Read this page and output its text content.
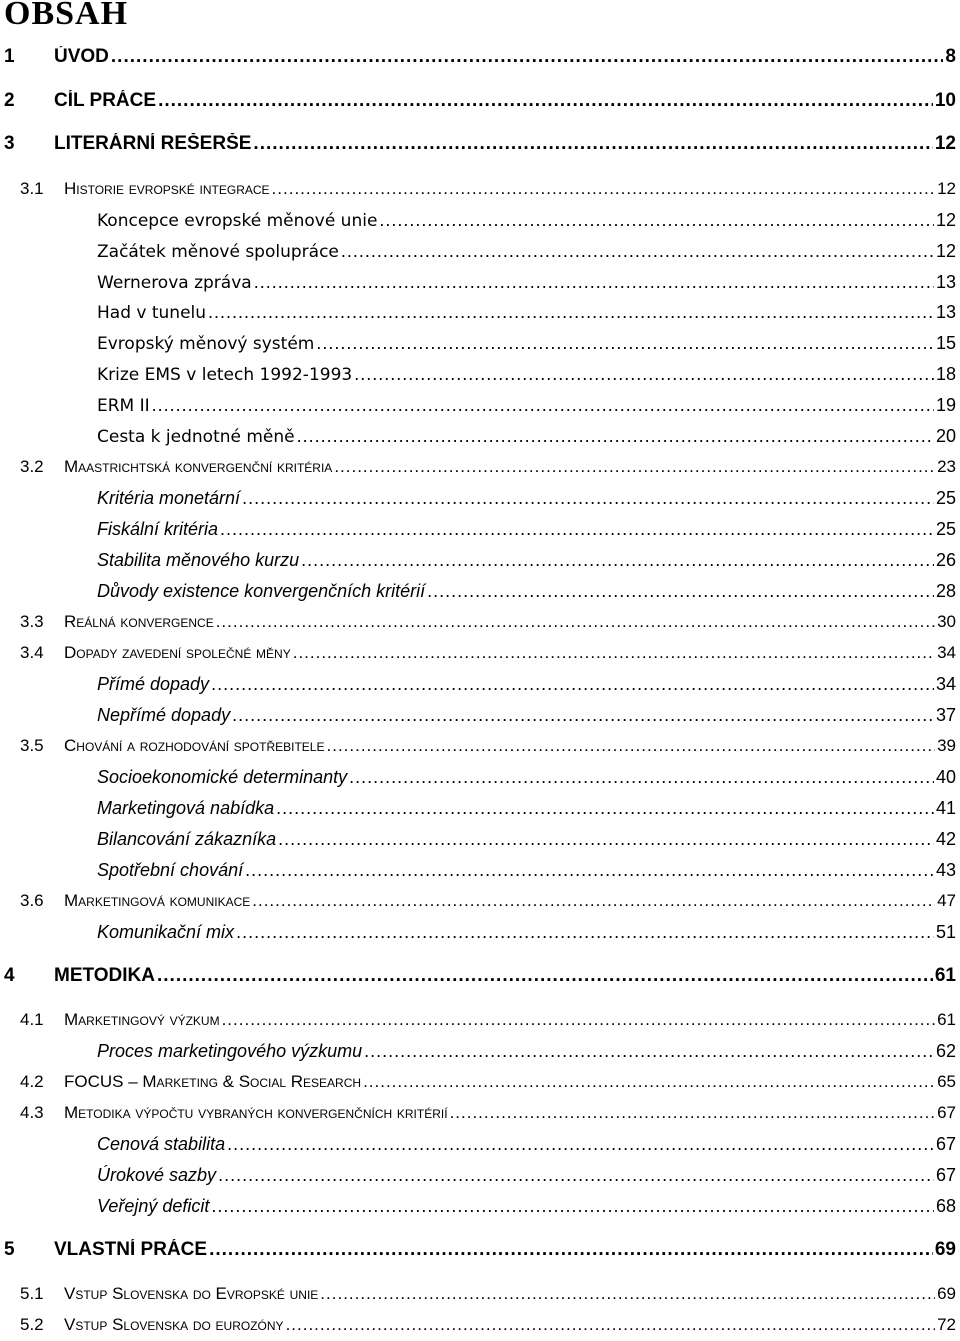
OBSAH
1	ÚVOD .....	8
2	CÍL PRÁCE .....	10
3	LITERÁRNÍ REŠERŠE .....	12
3.1	Historie evropské integrace .....	12
Koncepce evropské měnové unie .....	12
Začátek měnové spolupráce .....	12
Wernerova zpráva .....	13
Had v tunelu .....	13
Evropský měnový systém .....	15
Krize EMS v letech 1992-1993 .....	18
ERM II .....	19
Cesta k jednotné měně .....	20
3.2	Maastrichtská konvergenční kritéria .....	23
Kritéria monetární .....	25
Fiskální kritéria .....	25
Stabilita měnového kurzu .....	26
Důvody existence konvergenčních kritérií .....	28
3.3	Reálná konvergence .....	30
3.4	Dopady zavedení společné měny .....	34
Přímé dopady .....	34
Nepřímé dopady .....	37
3.5	Chování a rozhodování spotřebitele .....	39
Socioekonomické determinanty .....	40
Marketingová nabídka .....	41
Bilancování zákazníka .....	42
Spotřební chování .....	43
3.6	Marketingová komunikace .....	47
Komunikační mix .....	51
4	METODIKA .....	61
4.1	Marketingový výzkum .....	61
Proces marketingového výzkumu .....	62
4.2	FOCUS – Marketing & Social Research .....	65
4.3	Metodika výpočtu vybraných konvergenčních kritérií .....	67
Cenová stabilita .....	67
Úrokové sazby .....	67
Veřejný deficit .....	68
5	VLASTNÍ PRÁCE .....	69
5.1	Vstup Slovenska do Evropské unie .....	69
5.2	Vstup Slovenska do eurozóny .....	72
